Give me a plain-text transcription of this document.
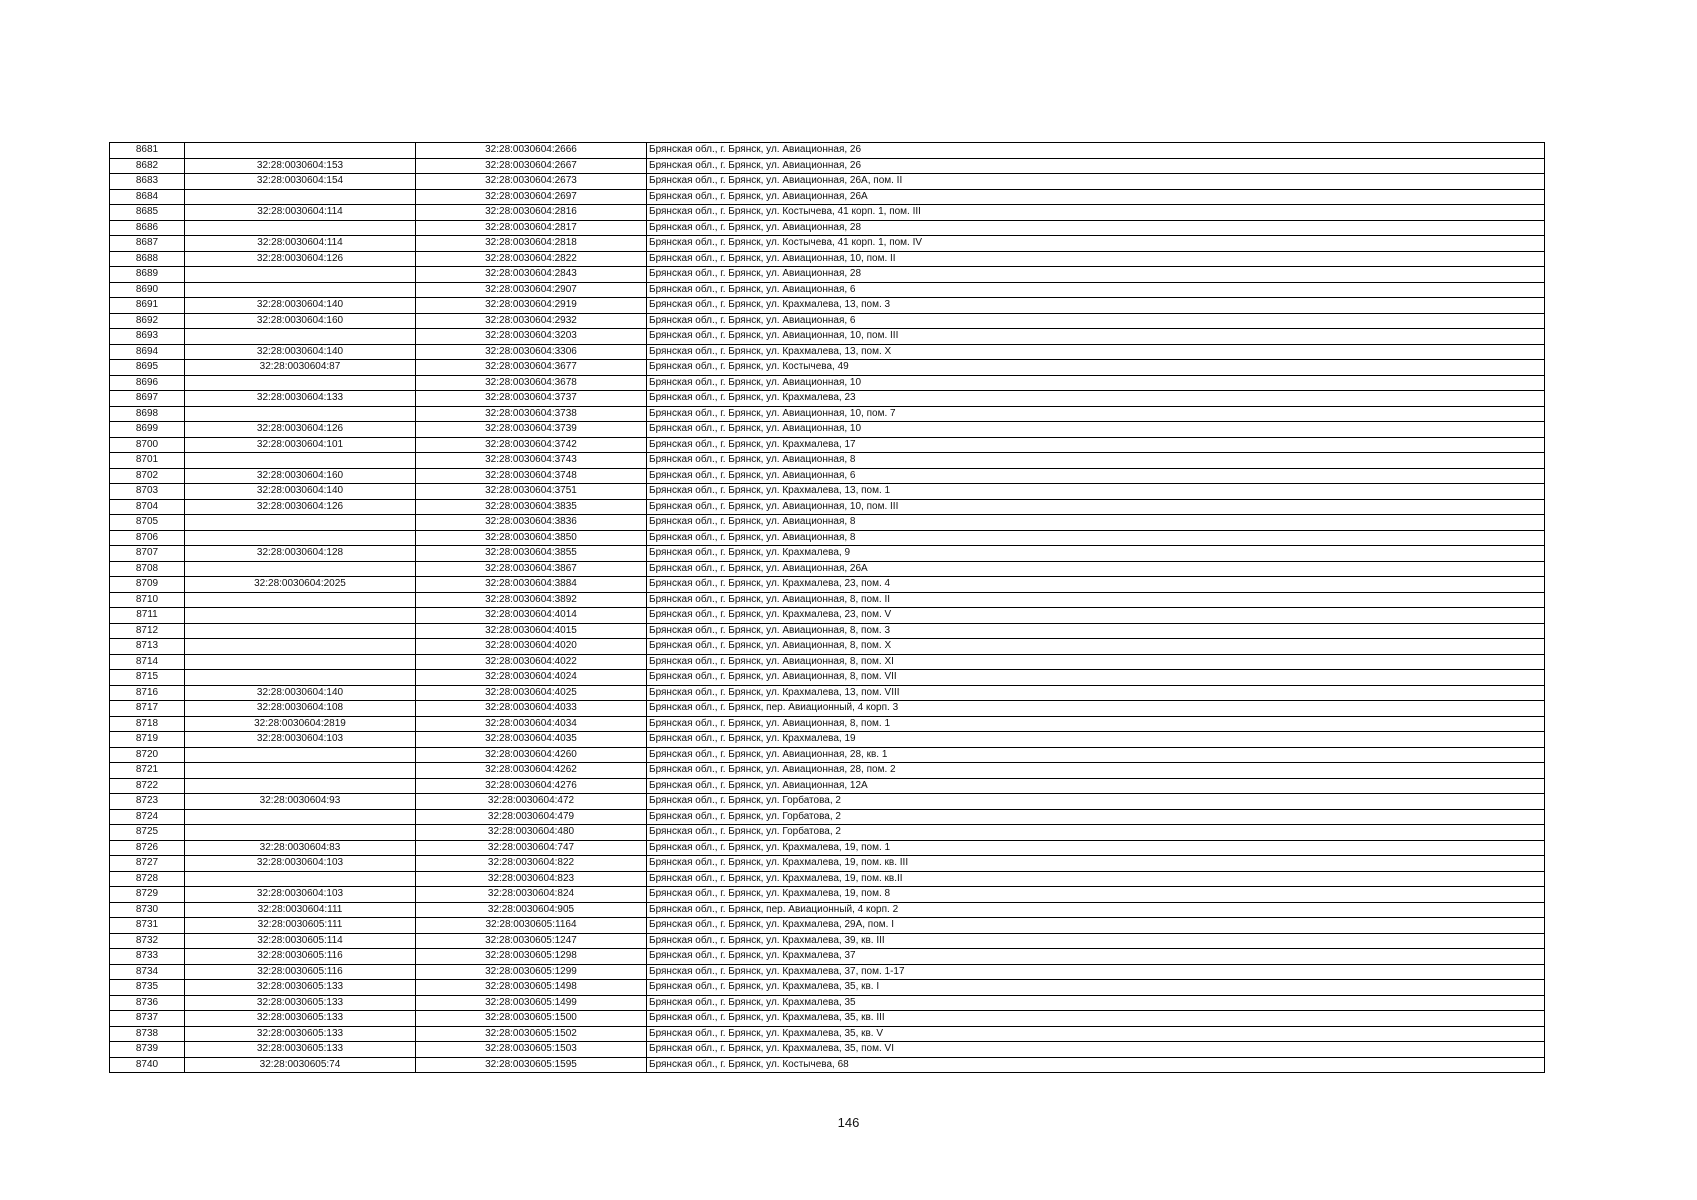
8681		32:28:0030604:2666	Брянская обл., г. Брянск, ул. Авиационная, 26
8682	32:28:0030604:153	32:28:0030604:2667	Брянская обл., г. Брянск, ул. Авиационная, 26
8683	32:28:0030604:154	32:28:0030604:2673	Брянская обл., г. Брянск, ул. Авиационная, 26А, пом. II
8684		32:28:0030604:2697	Брянская обл., г. Брянск, ул. Авиационная, 26А
8685	32:28:0030604:114	32:28:0030604:2816	Брянская обл., г. Брянск, ул. Костычева, 41 корп. 1, пом. III
8686		32:28:0030604:2817	Брянская обл., г. Брянск, ул. Авиационная, 28
8687	32:28:0030604:114	32:28:0030604:2818	Брянская обл., г. Брянск, ул. Костычева, 41 корп. 1, пом. IV
8688	32:28:0030604:126	32:28:0030604:2822	Брянская обл., г. Брянск, ул. Авиационная, 10, пом. II
8689		32:28:0030604:2843	Брянская обл., г. Брянск, ул. Авиационная, 28
8690		32:28:0030604:2907	Брянская обл., г. Брянск, ул. Авиационная, 6
8691	32:28:0030604:140	32:28:0030604:2919	Брянская обл., г. Брянск, ул. Крахмалева, 13, пом. 3
8692	32:28:0030604:160	32:28:0030604:2932	Брянская обл., г. Брянск, ул. Авиационная, 6
8693		32:28:0030604:3203	Брянская обл., г. Брянск, ул. Авиационная, 10, пом. III
8694	32:28:0030604:140	32:28:0030604:3306	Брянская обл., г. Брянск, ул. Крахмалева, 13, пом. X
8695	32:28:0030604:87	32:28:0030604:3677	Брянская обл., г. Брянск, ул. Костычева, 49
8696		32:28:0030604:3678	Брянская обл., г. Брянск, ул. Авиационная, 10
8697	32:28:0030604:133	32:28:0030604:3737	Брянская обл., г. Брянск, ул. Крахмалева, 23
8698		32:28:0030604:3738	Брянская обл., г. Брянск, ул. Авиационная, 10, пом. 7
8699	32:28:0030604:126	32:28:0030604:3739	Брянская обл., г. Брянск, ул. Авиационная, 10
8700	32:28:0030604:101	32:28:0030604:3742	Брянская обл., г. Брянск, ул. Крахмалева, 17
8701		32:28:0030604:3743	Брянская обл., г. Брянск, ул. Авиационная, 8
8702	32:28:0030604:160	32:28:0030604:3748	Брянская обл., г. Брянск, ул. Авиационная, 6
8703	32:28:0030604:140	32:28:0030604:3751	Брянская обл., г. Брянск, ул. Крахмалева, 13, пом. 1
8704	32:28:0030604:126	32:28:0030604:3835	Брянская обл., г. Брянск, ул. Авиационная, 10, пом. III
8705		32:28:0030604:3836	Брянская обл., г. Брянск, ул. Авиационная, 8
8706		32:28:0030604:3850	Брянская обл., г. Брянск, ул. Авиационная, 8
8707	32:28:0030604:128	32:28:0030604:3855	Брянская обл., г. Брянск, ул. Крахмалева, 9
8708		32:28:0030604:3867	Брянская обл., г. Брянск, ул. Авиационная, 26А
8709	32:28:0030604:2025	32:28:0030604:3884	Брянская обл., г. Брянск, ул. Крахмалева, 23, пом. 4
8710		32:28:0030604:3892	Брянская обл., г. Брянск, ул. Авиационная, 8, пом. II
8711		32:28:0030604:4014	Брянская обл., г. Брянск, ул. Крахмалева, 23, пом. V
8712		32:28:0030604:4015	Брянская обл., г. Брянск, ул. Авиационная, 8, пом. 3
8713		32:28:0030604:4020	Брянская обл., г. Брянск, ул. Авиационная, 8, пом. X
8714		32:28:0030604:4022	Брянская обл., г. Брянск, ул. Авиационная, 8, пом. XI
8715		32:28:0030604:4024	Брянская обл., г. Брянск, ул. Авиационная, 8, пом. VII
8716	32:28:0030604:140	32:28:0030604:4025	Брянская обл., г. Брянск, ул. Крахмалева, 13, пом. VIII
8717	32:28:0030604:108	32:28:0030604:4033	Брянская обл., г. Брянск, пер. Авиационный, 4 корп. 3
8718	32:28:0030604:2819	32:28:0030604:4034	Брянская обл., г. Брянск, ул. Авиационная, 8, пом. 1
8719	32:28:0030604:103	32:28:0030604:4035	Брянская обл., г. Брянск, ул. Крахмалева, 19
8720		32:28:0030604:4260	Брянская обл., г. Брянск, ул. Авиационная, 28, кв. 1
8721		32:28:0030604:4262	Брянская обл., г. Брянск, ул. Авиационная, 28, пом. 2
8722		32:28:0030604:4276	Брянская обл., г. Брянск, ул. Авиационная, 12А
8723	32:28:0030604:93	32:28:0030604:472	Брянская обл., г. Брянск, ул. Горбатова, 2
8724		32:28:0030604:479	Брянская обл., г. Брянск, ул. Горбатова, 2
8725		32:28:0030604:480	Брянская обл., г. Брянск, ул. Горбатова, 2
8726	32:28:0030604:83	32:28:0030604:747	Брянская обл., г. Брянск, ул. Крахмалева, 19, пом. 1
8727	32:28:0030604:103	32:28:0030604:822	Брянская обл., г. Брянск, ул. Крахмалева, 19, пом. кв. III
8728		32:28:0030604:823	Брянская обл., г. Брянск, ул. Крахмалева, 19, пом. кв.II
8729	32:28:0030604:103	32:28:0030604:824	Брянская обл., г. Брянск, ул. Крахмалева, 19, пом. 8
8730	32:28:0030604:111	32:28:0030604:905	Брянская обл., г. Брянск, пер. Авиационный, 4 корп. 2
8731	32:28:0030605:111	32:28:0030605:1164	Брянская обл., г. Брянск, ул. Крахмалева, 29А, пом. I
8732	32:28:0030605:114	32:28:0030605:1247	Брянская обл., г. Брянск, ул. Крахмалева, 39, кв. III
8733	32:28:0030605:116	32:28:0030605:1298	Брянская обл., г. Брянск, ул. Крахмалева, 37
8734	32:28:0030605:116	32:28:0030605:1299	Брянская обл., г. Брянск, ул. Крахмалева, 37, пом. 1-17
8735	32:28:0030605:133	32:28:0030605:1498	Брянская обл., г. Брянск, ул. Крахмалева, 35, кв. I
8736	32:28:0030605:133	32:28:0030605:1499	Брянская обл., г. Брянск, ул. Крахмалева, 35
8737	32:28:0030605:133	32:28:0030605:1500	Брянская обл., г. Брянск, ул. Крахмалева, 35, кв. III
8738	32:28:0030605:133	32:28:0030605:1502	Брянская обл., г. Брянск, ул. Крахмалева, 35, кв. V
8739	32:28:0030605:133	32:28:0030605:1503	Брянская обл., г. Брянск, ул. Крахмалева, 35, пом. VI
8740	32:28:0030605:74	32:28:0030605:1595	Брянская обл., г. Брянск, ул. Костычева, 68
146
